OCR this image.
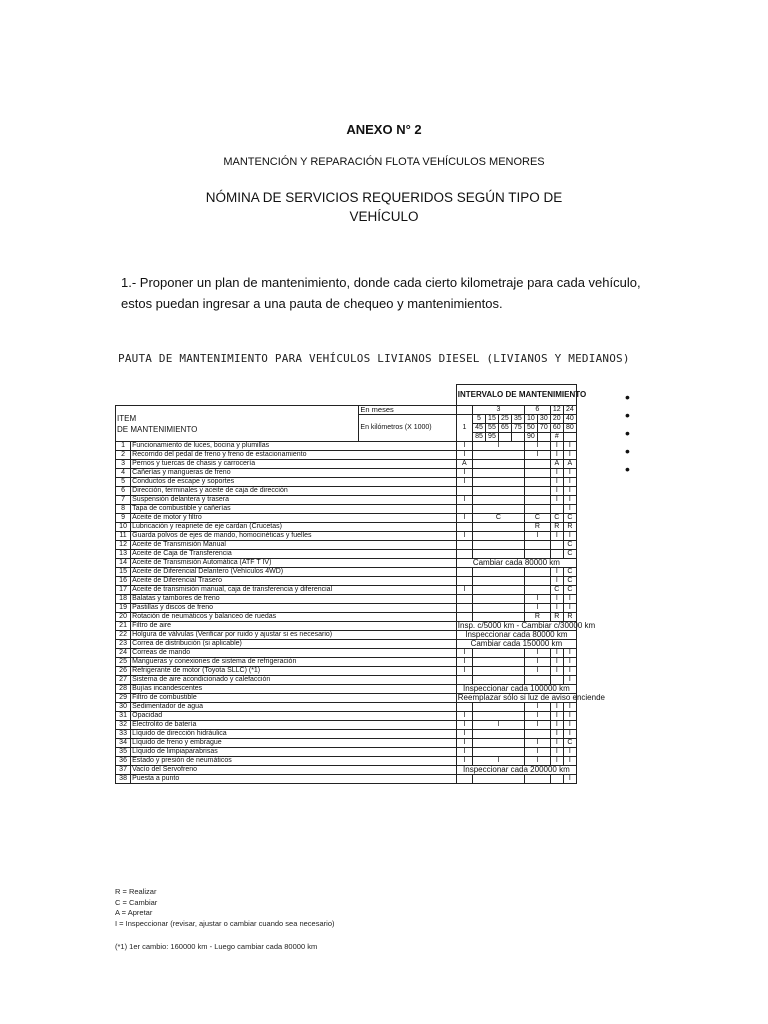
ANEXO N° 2
MANTENCIÓN Y REPARACIÓN FLOTA VEHÍCULOS MENORES
NÓMINA DE SERVICIOS REQUERIDOS SEGÚN TIPO DE
VEHÍCULO
1.- Proponer un plan de mantenimiento, donde cada cierto kilometraje para cada vehículo,
estos puedan ingresar a una pauta de chequeo y mantenimientos.
PAUTA DE MANTENIMIENTO PARA VEHÍCULOS LIVIANOS DIESEL (LIVIANOS Y MEDIANOS)
•
•
•
•
•
			INTERVALO DE MANTENIMIENTO								

ITEM
DE MANTENIMIENTO		En meses		3				6		12	24
		En kilómetros (X 1000)	1	5	15	25	35	10	30	20	40
				45	55	65	75	50	70	60	80
				85	95			90		#	
1	Funcionamiento de luces, bocina y plumillas		I	I				I		I	I
2	Recorrido del pedal de freno y freno de estacionamiento		I					I		I	I
3	Pernos y tuercas de chasis y carrocería		A							A	A
4	Cañerías y mangueras de freno		I							I	I
5	Conductos de escape y soportes		I							I	I
6	Dirección, terminales y aceite de caja de dirección									I	I
7	Suspensión delantera y trasera		I							I	I
8	Tapa de combustible y cañerías										I
9	Aceite de motor y filtro		I	C				C		C	C
10	Lubricación y reapriete de eje cardan (Crucetas)							R		R	R
11	Guarda polvos de ejes de mando, homocinéticas y fuelles		I					I		I	I
12	Aceite de Transmisión Manual										C
13	Aceite de Caja de Transferencia										C
14	Aceite de Transmisión Automática (ATF T IV)		Cambiar cada 80000 km								
15	Aceite de Diferencial Delantero (Vehículos 4WD)									I	C
16	Aceite de Diferencial Trasero									I	C
17	Aceite de transmisión manual, caja de transferencia y diferencial		I							C	C
18	Balatas y tambores de freno							I		I	I
19	Pastillas y discos de freno							I		I	I
20	Rotación de neumáticos y balanceo de ruedas							R		R	R
21	Filtro de aire		Insp. c/5000 km - Cambiar c/30000 km								
22	Holgura de válvulas (Verificar por ruido y ajustar si es necesario)		Inspeccionar cada 80000 km								
23	Correa de distribución (si aplicable)		Cambiar cada 150000 km								
24	Correas de mando		I					I		I	I
25	Mangueras y conexiones de sistema de refrigeración		I					I		I	I
26	Refrigerante de motor (Toyota SLLC) (*1)		I					I		I	I
27	Sistema de aire acondicionado y calefacción										I
28	Bujías incandescentes		Inspeccionar cada 100000 km								
29	Filtro de combustible		Reemplazar sólo si luz de aviso enciende								
30	Sedimentador de agua							I		I	I
31	Opacidad		I					I		I	I
32	Electrolito de batería		I	I				I		I	I
33	Líquido de dirección hidráulica		I							I	I
34	Líquido de freno y embrague		I					I		I	C
35	Líquido de limpiaparabrisas		I					I		I	I
36	Estado y presión de neumáticos		I	I				I		I	I
37	Vacío del Servofreno		Inspeccionar cada 200000 km								
38	Puesta a punto										I
R = Realizar
C = Cambiar
A = Apretar
I = Inspeccionar (revisar, ajustar o cambiar cuando sea necesario)
(*1) 1er cambio: 160000 km - Luego cambiar cada 80000 km
